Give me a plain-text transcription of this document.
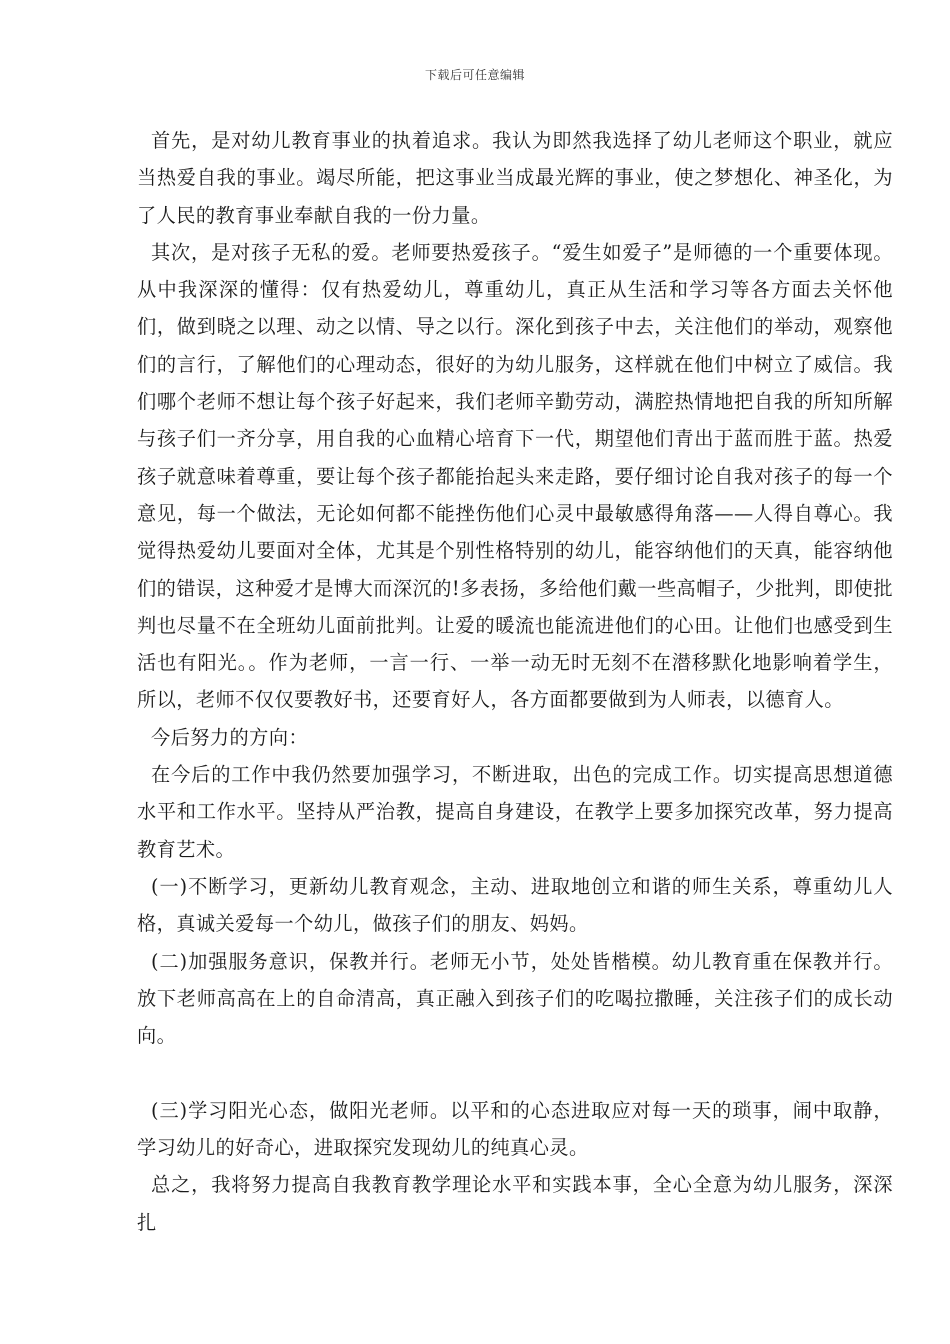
下载后可任意编辑

首先，是对幼儿教育事业的执着追求。我认为即然我选择了幼儿老师这个职业，就应当热爱自我的事业。竭尽所能，把这事业当成最光辉的事业，使之梦想化、神圣化，为了人民的教育事业奉献自我的一份力量。

其次，是对孩子无私的爱。老师要热爱孩子。“爱生如爱子”是师德的一个重要体现。从中我深深的懂得：仅有热爱幼儿，尊重幼儿，真正从生活和学习等各方面去关怀他们，做到晓之以理、动之以情、导之以行。深化到孩子中去，关注他们的举动，观察他们的言行，了解他们的心理动态，很好的为幼儿服务，这样就在他们中树立了威信。我们哪个老师不想让每个孩子好起来，我们老师辛勤劳动，满腔热情地把自我的所知所解与孩子们一齐分享，用自我的心血精心培育下一代，期望他们青出于蓝而胜于蓝。热爱孩子就意味着尊重，要让每个孩子都能抬起头来走路，要仔细讨论自我对孩子的每一个意见，每一个做法，无论如何都不能挫伤他们心灵中最敏感得角落——人得自尊心。我觉得热爱幼儿要面对全体，尤其是个别性格特别的幼儿，能容纳他们的天真，能容纳他们的错误，这种爱才是博大而深沉的!多表扬，多给他们戴一些高帽子，少批判，即使批判也尽量不在全班幼儿面前批判。让爱的暖流也能流进他们的心田。让他们也感受到生活也有阳光。。作为老师，一言一行、一举一动无时无刻不在潜移默化地影响着学生，所以，老师不仅仅要教好书，还要育好人，各方面都要做到为人师表，以德育人。

今后努力的方向：

在今后的工作中我仍然要加强学习，不断进取，出色的完成工作。切实提高思想道德水平和工作水平。坚持从严治教，提高自身建设，在教学上要多加探究改革，努力提高教育艺术。

(一)不断学习，更新幼儿教育观念，主动、进取地创立和谐的师生关系，尊重幼儿人格，真诚关爱每一个幼儿，做孩子们的朋友、妈妈。

(二)加强服务意识，保教并行。老师无小节，处处皆楷模。幼儿教育重在保教并行。放下老师高高在上的自命清高，真正融入到孩子们的吃喝拉撒睡，关注孩子们的成长动向。

(三)学习阳光心态，做阳光老师。以平和的心态进取应对每一天的琐事，闹中取静，学习幼儿的好奇心，进取探究发现幼儿的纯真心灵。

总之，我将努力提高自我教育教学理论水平和实践本事，全心全意为幼儿服务，深深扎
